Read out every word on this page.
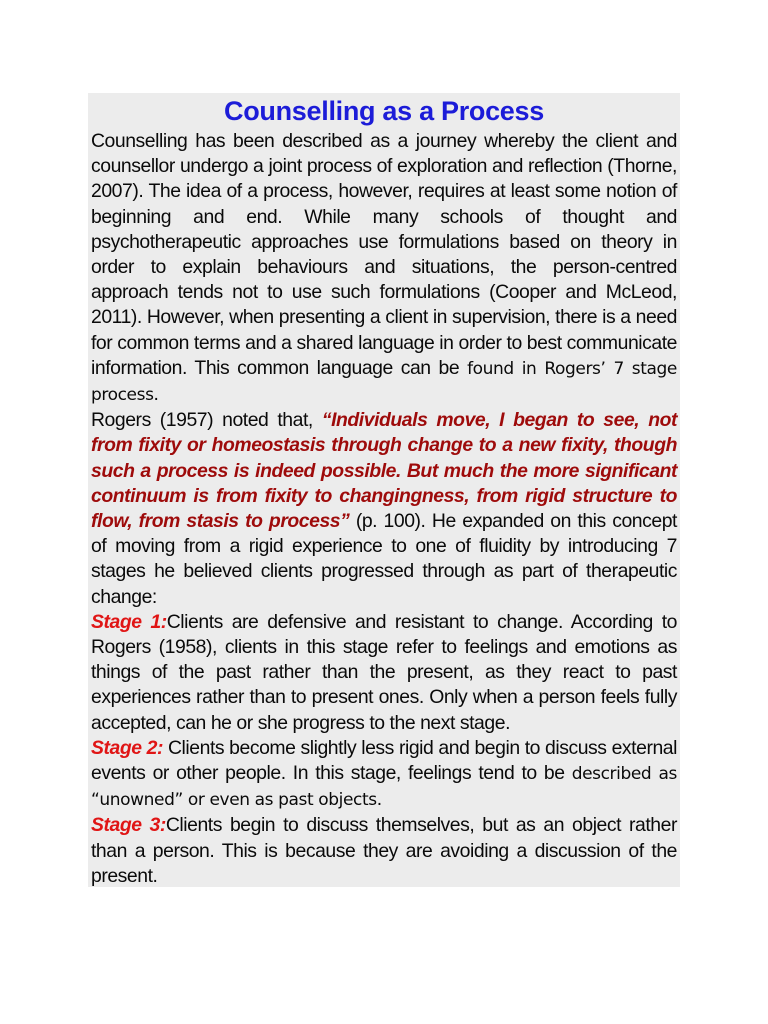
Counselling as a Process

Counselling has been described as a journey whereby the client and counsellor undergo a joint process of exploration and reflection (Thorne, 2007). The idea of a process, however, requires at least some notion of beginning and end. While many schools of thought and psychotherapeutic approaches use formulations based on theory in order to explain behaviours and situations, the person-centred approach tends not to use such formulations (Cooper and McLeod, 2011). However, when presenting a client in supervision, there is a need for common terms and a shared language in order to best communicate information. This common language can be found in Rogers’ 7 stage process.

Rogers (1957) noted that, “Individuals move, I began to see, not from fixity or homeostasis through change to a new fixity, though such a process is indeed possible. But much the more significant continuum is from fixity to changingness, from rigid structure to flow, from stasis to process” (p. 100). He expanded on this concept of moving from a rigid experience to one of fluidity by introducing 7 stages he believed clients progressed through as part of therapeutic change:

Stage 1:Clients are defensive and resistant to change. According to Rogers (1958), clients in this stage refer to feelings and emotions as things of the past rather than the present, as they react to past experiences rather than to present ones. Only when a person feels fully accepted, can he or she progress to the next stage.

Stage 2: Clients become slightly less rigid and begin to discuss external events or other people. In this stage, feelings tend to be described as “unowned” or even as past objects.

Stage 3:Clients begin to discuss themselves, but as an object rather than a person. This is because they are avoiding a discussion of the present.
